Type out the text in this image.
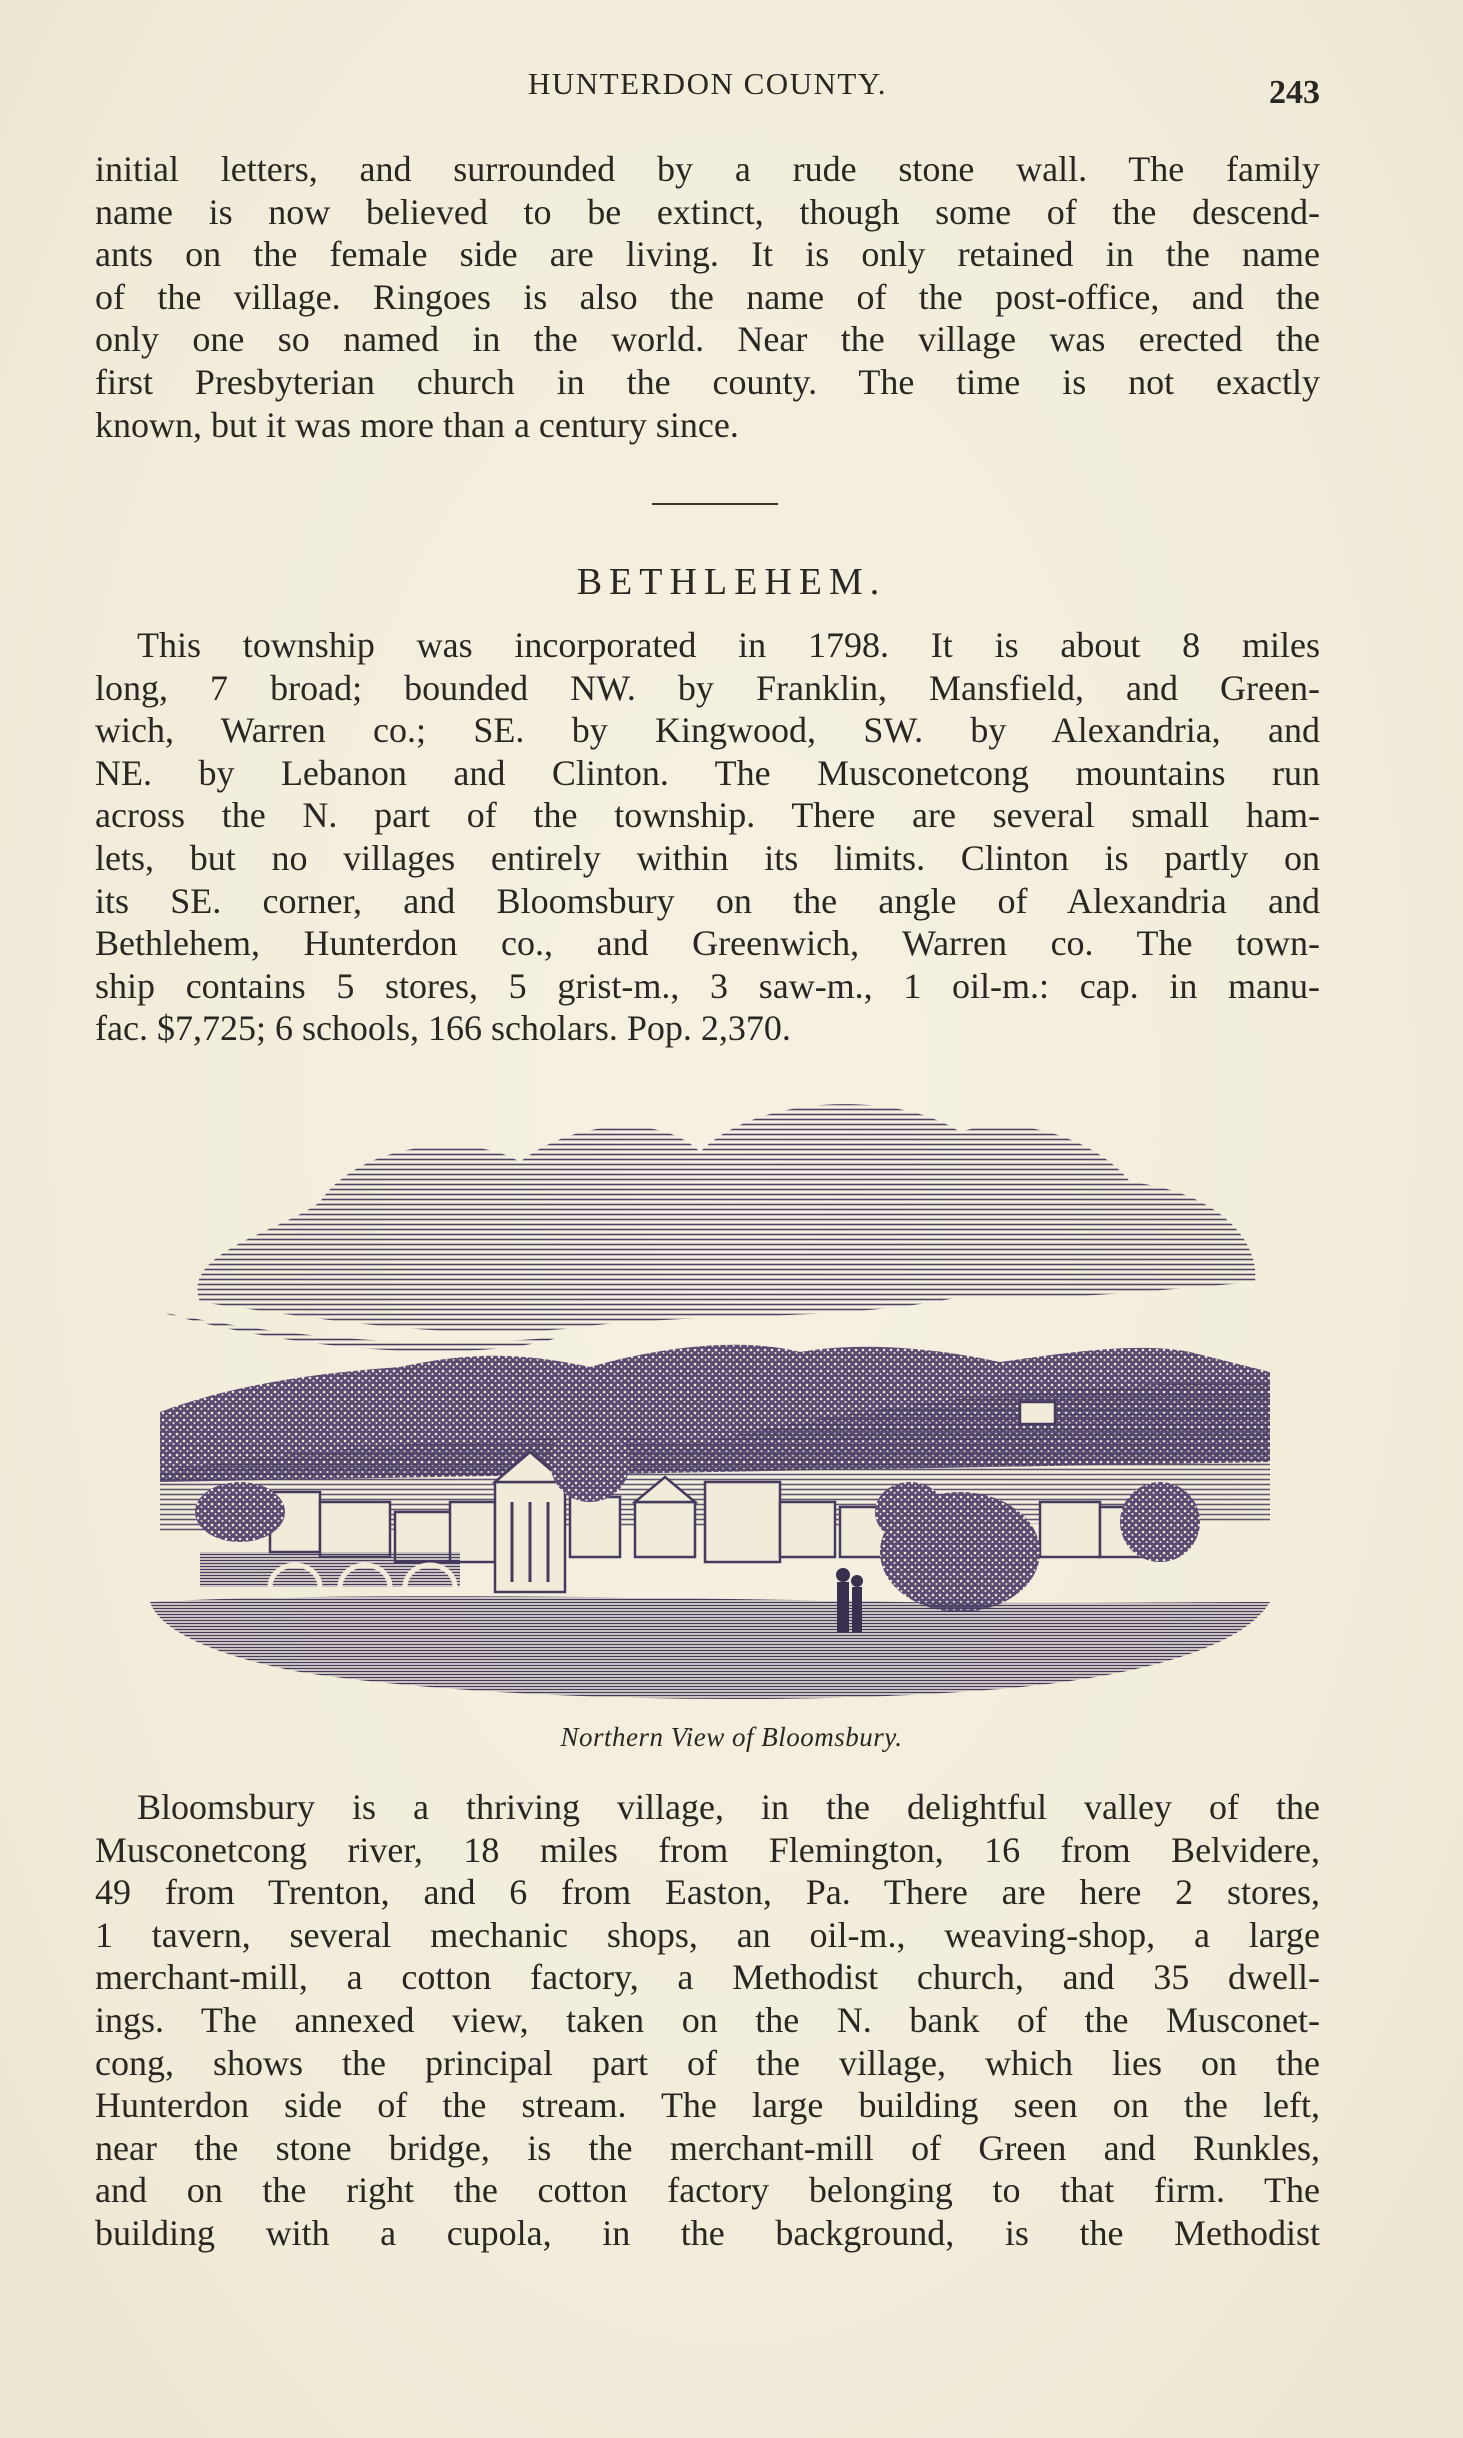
HUNTERDON COUNTY.	243
initial letters, and surrounded by a rude stone wall. The family
name is now believed to be extinct, though some of the descend-
ants on the female side are living. It is only retained in the name
of the village. Ringoes is also the name of the post-office, and the
only one so named in the world. Near the village was erected the
first Presbyterian church in the county. The time is not exactly
known, but it was more than a century since.
BETHLEHEM.
This township was incorporated in 1798. It is about 8 miles
long, 7 broad; bounded NW. by Franklin, Mansfield, and Green-
wich, Warren co.; SE. by Kingwood, SW. by Alexandria, and
NE. by Lebanon and Clinton. The Musconetcong mountains run
across the N. part of the township. There are several small ham-
lets, but no villages entirely within its limits. Clinton is partly on
its SE. corner, and Bloomsbury on the angle of Alexandria and
Bethlehem, Hunterdon co., and Greenwich, Warren co. The town-
ship contains 5 stores, 5 grist-m., 3 saw-m., 1 oil-m.: cap. in manu-
fac. $7,725; 6 schools, 166 scholars. Pop. 2,370.
Northern View of Bloomsbury.
Bloomsbury is a thriving village, in the delightful valley of the
Musconetcong river, 18 miles from Flemington, 16 from Belvidere,
49 from Trenton, and 6 from Easton, Pa. There are here 2 stores,
1 tavern, several mechanic shops, an oil-m., weaving-shop, a large
merchant-mill, a cotton factory, a Methodist church, and 35 dwell-
ings. The annexed view, taken on the N. bank of the Musconet-
cong, shows the principal part of the village, which lies on the
Hunterdon side of the stream. The large building seen on the left,
near the stone bridge, is the merchant-mill of Green and Runkles,
and on the right the cotton factory belonging to that firm. The
building with a cupola, in the background, is the Methodist
